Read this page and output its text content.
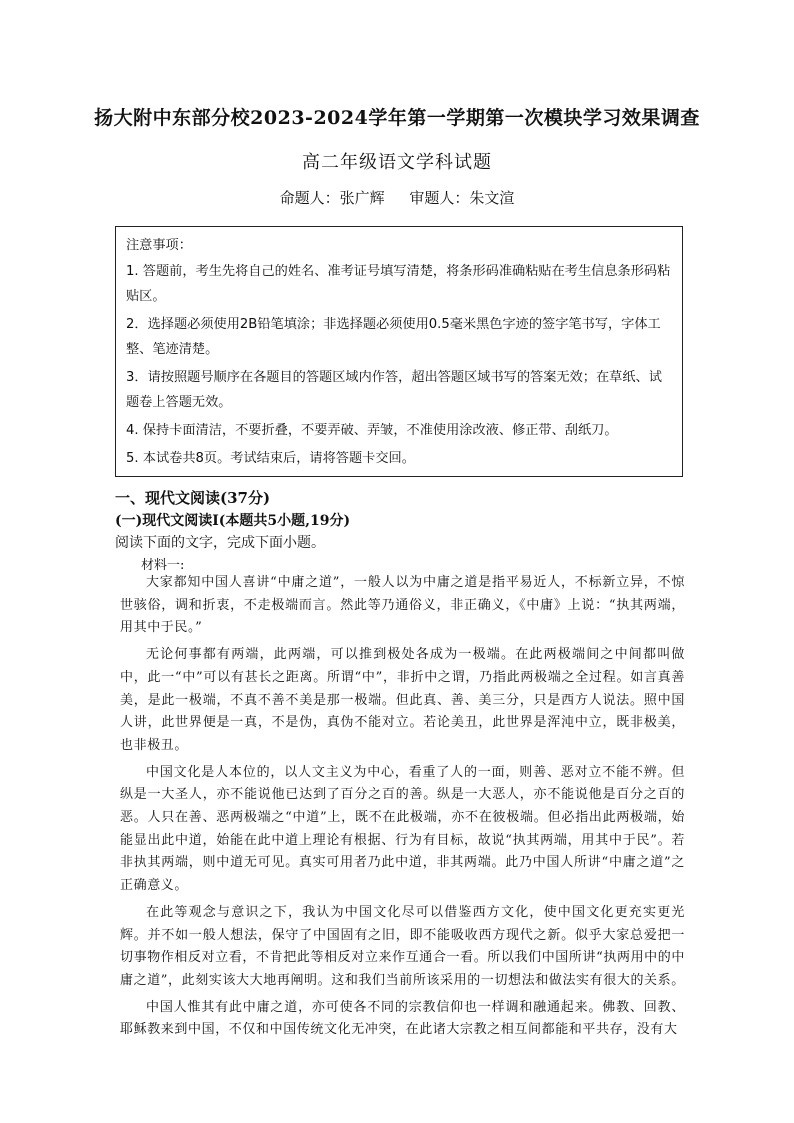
扬大附中东部分校2023-2024学年第一学期第一次模块学习效果调查
高二年级语文学科试题
命题人：张广辉 审题人：朱文渲
注意事项：
1. 答题前，考生先将自己的姓名、准考证号填写清楚，将条形码准确粘贴在考生信息条形码粘贴区。
2．选择题必须使用2B铅笔填涂；非选择题必须使用0.5毫米黑色字迹的签字笔书写，字体工整、笔迹清楚。
3．请按照题号顺序在各题目的答题区域内作答，超出答题区域书写的答案无效；在草纸、试题卷上答题无效。
4. 保持卡面清洁，不要折叠，不要弄破、弄皱，不准使用涂改液、修正带、刮纸刀。
5. 本试卷共8页。考试结束后，请将答题卡交回。
一、现代文阅读(37分)
(一)现代文阅读Ⅰ(本题共5小题,19分)
阅读下面的文字，完成下面小题。
材料一:

大家都知中国人喜讲“中庸之道”，一般人以为中庸之道是指平易近人，不标新立异，不惊世骇俗，调和折衷，不走极端而言。然此等乃通俗义，非正确义，《中庸》上说：“执其两端，用其中于民。”

无论何事都有两端，此两端，可以推到极处各成为一极端。在此两极端间之中间都叫做中，此一“中”可以有甚长之距离。所谓“中”，非折中之谓，乃指此两极端之全过程。如言真善美，是此一极端，不真不善不美是那一极端。但此真、善、美三分，只是西方人说法。照中国人讲，此世界便是一真，不是伪，真伪不能对立。若论美丑，此世界是浑沌中立，既非极美，也非极丑。

中国文化是人本位的，以人文主义为中心，看重了人的一面，则善、恶对立不能不辨。但纵是一大圣人，亦不能说他已达到了百分之百的善。纵是一大恶人，亦不能说他是百分之百的恶。人只在善、恶两极端之“中道”上，既不在此极端，亦不在彼极端。但必指出此两极端，始能显出此中道，始能在此中道上理论有根据、行为有目标，故说“执其两端，用其中于民”。若非执其两端，则中道无可见。真实可用者乃此中道，非其两端。此乃中国人所讲“中庸之道”之正确意义。

在此等观念与意识之下，我认为中国文化尽可以借鉴西方文化，使中国文化更充实更光辉。并不如一般人想法，保守了中国固有之旧，即不能吸收西方现代之新。似乎大家总爱把一切事物作相反对立看，不肯把此等相反对立来作互通合一看。所以我们中国所讲“执两用中的中庸之道”，此刻实该大大地再阐明。这和我们当前所该采用的一切想法和做法实有很大的关系。

中国人惟其有此中庸之道，亦可使各不同的宗教信仰也一样调和融通起来。佛教、回教、耶稣教来到中国，不仅和中国传统文化无冲突，在此诸大宗教之相互间都能和平共存，没有大
